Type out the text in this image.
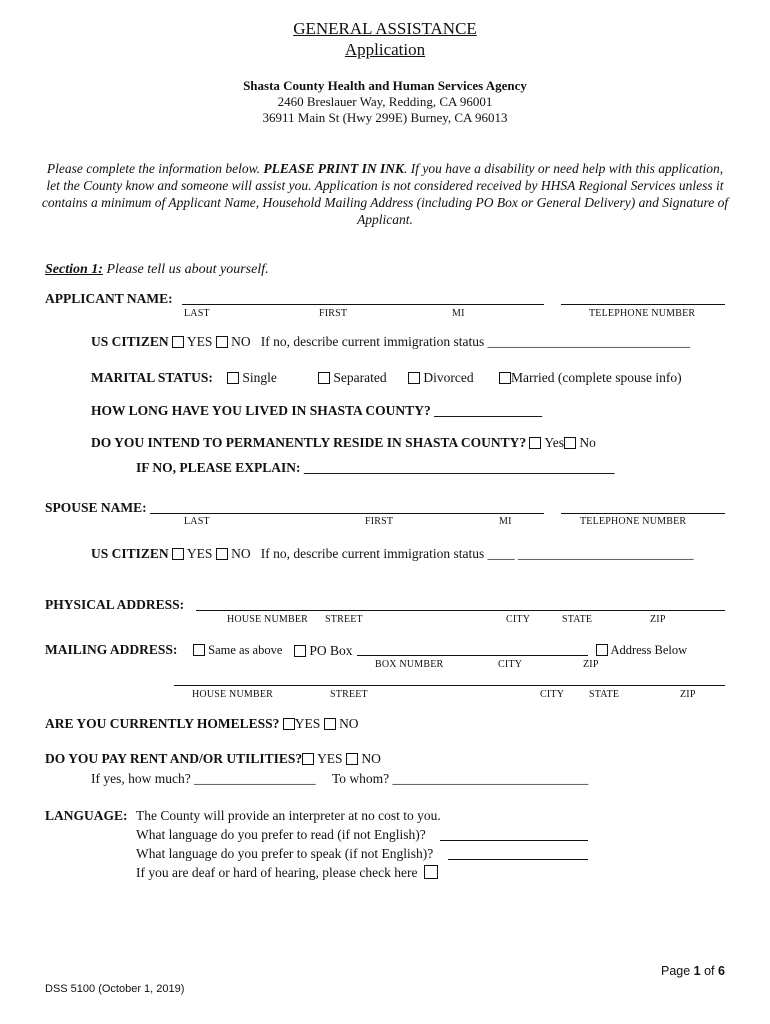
GENERAL ASSISTANCE
Application
Shasta County Health and Human Services Agency
2460 Breslauer Way, Redding, CA 96001
36911 Main St (Hwy 299E) Burney, CA 96013
Please complete the information below. PLEASE PRINT IN INK. If you have a disability or need help with this application, let the County know and someone will assist you. Application is not considered received by HHSA Regional Services unless it contains a minimum of Applicant Name, Household Mailing Address (including PO Box or General Delivery) and Signature of Applicant.
Section 1: Please tell us about yourself.
APPLICANT NAME:
LAST	FIRST	MI	TELEPHONE NUMBER
US CITIZEN YES NO If no, describe current immigration status ______________________________
MARITAL STATUS:	Single	Separated	Divorced	Married (complete spouse info)
HOW LONG HAVE YOU LIVED IN SHASTA COUNTY? ________________
DO YOU INTEND TO PERMANENTLY RESIDE IN SHASTA COUNTY? Yes No
IF NO, PLEASE EXPLAIN: ______________________________________________
SPOUSE NAME:
LAST	FIRST	MI	TELEPHONE NUMBER
US CITIZEN YES NO If no, describe current immigration status ____ __________________________
PHYSICAL ADDRESS:
HOUSE NUMBER STREET	CITY	STATE	ZIP
MAILING ADDRESS:	Same as above	PO Box	Address Below
BOX NUMBER	CITY	ZIP
HOUSE NUMBER	STREET	CITY STATE	ZIP
ARE YOU CURRENTLY HOMELESS? YES NO
DO YOU PAY RENT AND/OR UTILITIES? YES NO
If yes, how much? __________________ To whom? _____________________________
LANGUAGE: The County will provide an interpreter at no cost to you.
What language do you prefer to read (if not English)?
What language do you prefer to speak (if not English)?
If you are deaf or hard of hearing, please check here
Page 1 of 6
DSS 5100 (October 1, 2019)
